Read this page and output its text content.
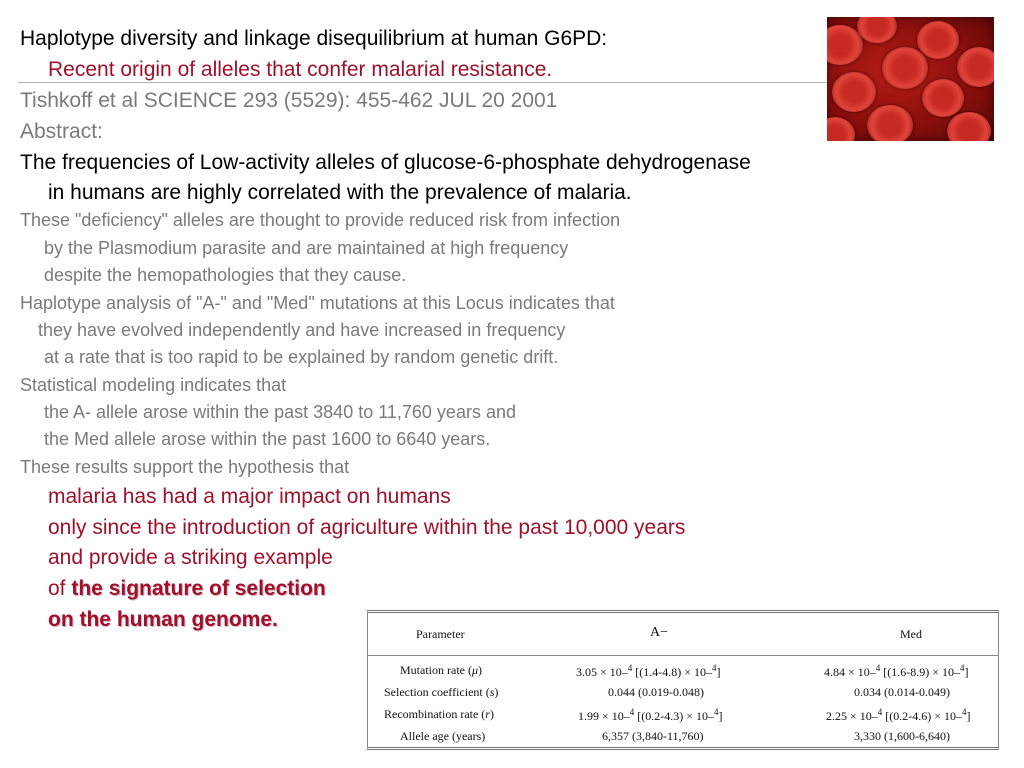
Haplotype diversity and linkage disequilibrium at human G6PD:
Recent origin of alleles that confer malarial resistance.
Tishkoff et al SCIENCE 293 (5529): 455-462 JUL 20 2001
Abstract:
The frequencies of Low-activity alleles of glucose-6-phosphate dehydrogenase
in humans are highly correlated with the prevalence of malaria.
These "deficiency" alleles are thought to provide reduced risk from infection
by the Plasmodium parasite and are maintained at high frequency
despite the hemopathologies that they cause.
Haplotype analysis of "A-" and "Med" mutations at this Locus indicates that
they have evolved independently and have increased in frequency
at a rate that is too rapid to be explained by random genetic drift.
Statistical modeling indicates that
the A- allele arose within the past 3840 to 11,760 years and
the Med allele arose within the past 1600 to 6640 years.
These results support the hypothesis that
malaria has had a major impact on humans
only since the introduction of agriculture within the past 10,000 years
and provide a striking example
of the signature of selection
on the human genome.
Parameter	A−	Med
Mutation rate (μ)	3.05 × 10–$^4$ [(1.4-4.8) × 10–$^4$]	4.84 × 10–$^4$ [(1.6-8.9) × 10–$^4$]
Selection coefficient (s)	0.044 (0.019-0.048)	0.034 (0.014-0.049)
Recombination rate (r)	1.99 × 10–$^4$ [(0.2-4.3) × 10–$^4$]	2.25 × 10–$^4$ [(0.2-4.6) × 10–$^4$]
Allele age (years)	6,357 (3,840-11,760)	3,330 (1,600-6,640)
